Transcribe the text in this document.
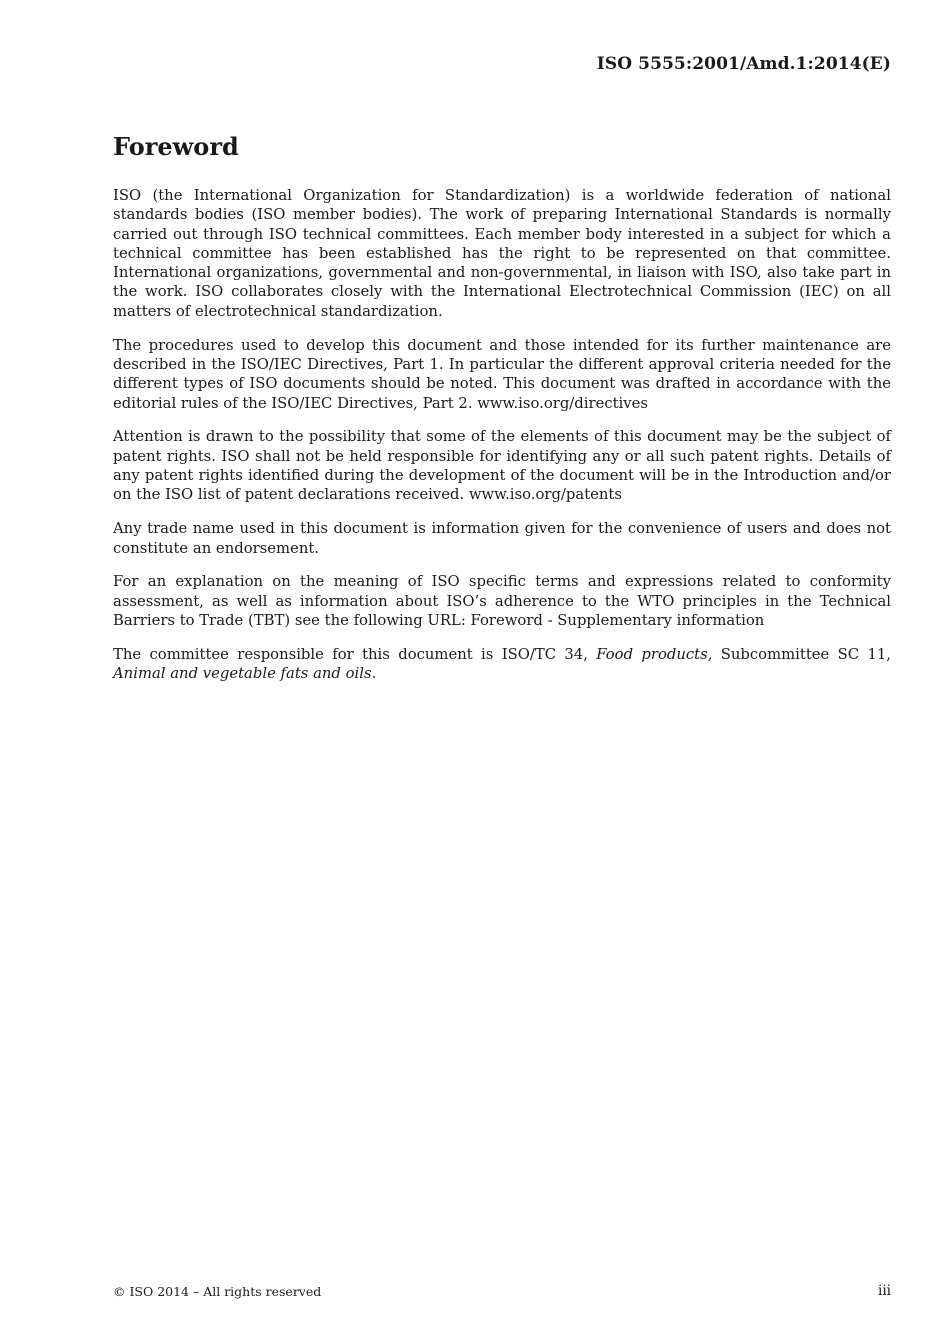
ISO 5555:2001/Amd.1:2014(E)
Foreword

ISO (the International Organization for Standardization) is a worldwide federation of national standards bodies (ISO member bodies). The work of preparing International Standards is normally carried out through ISO technical committees. Each member body interested in a subject for which a technical committee has been established has the right to be represented on that committee. International organizations, governmental and non-governmental, in liaison with ISO, also take part in the work. ISO collaborates closely with the International Electrotechnical Commission (IEC) on all matters of electrotechnical standardization.

The procedures used to develop this document and those intended for its further maintenance are described in the ISO/IEC Directives, Part 1. In particular the different approval criteria needed for the different types of ISO documents should be noted. This document was drafted in accordance with the editorial rules of the ISO/IEC Directives, Part 2. www.iso.org/directives

Attention is drawn to the possibility that some of the elements of this document may be the subject of patent rights. ISO shall not be held responsible for identifying any or all such patent rights. Details of any patent rights identified during the development of the document will be in the Introduction and/or on the ISO list of patent declarations received. www.iso.org/patents

Any trade name used in this document is information given for the convenience of users and does not constitute an endorsement.

For an explanation on the meaning of ISO specific terms and expressions related to conformity assessment, as well as information about ISO’s adherence to the WTO principles in the Technical Barriers to Trade (TBT) see the following URL: Foreword - Supplementary information

The committee responsible for this document is ISO/TC 34, Food products, Subcommittee SC 11, Animal and vegetable fats and oils.

© ISO 2014 – All rights reserved	iii
